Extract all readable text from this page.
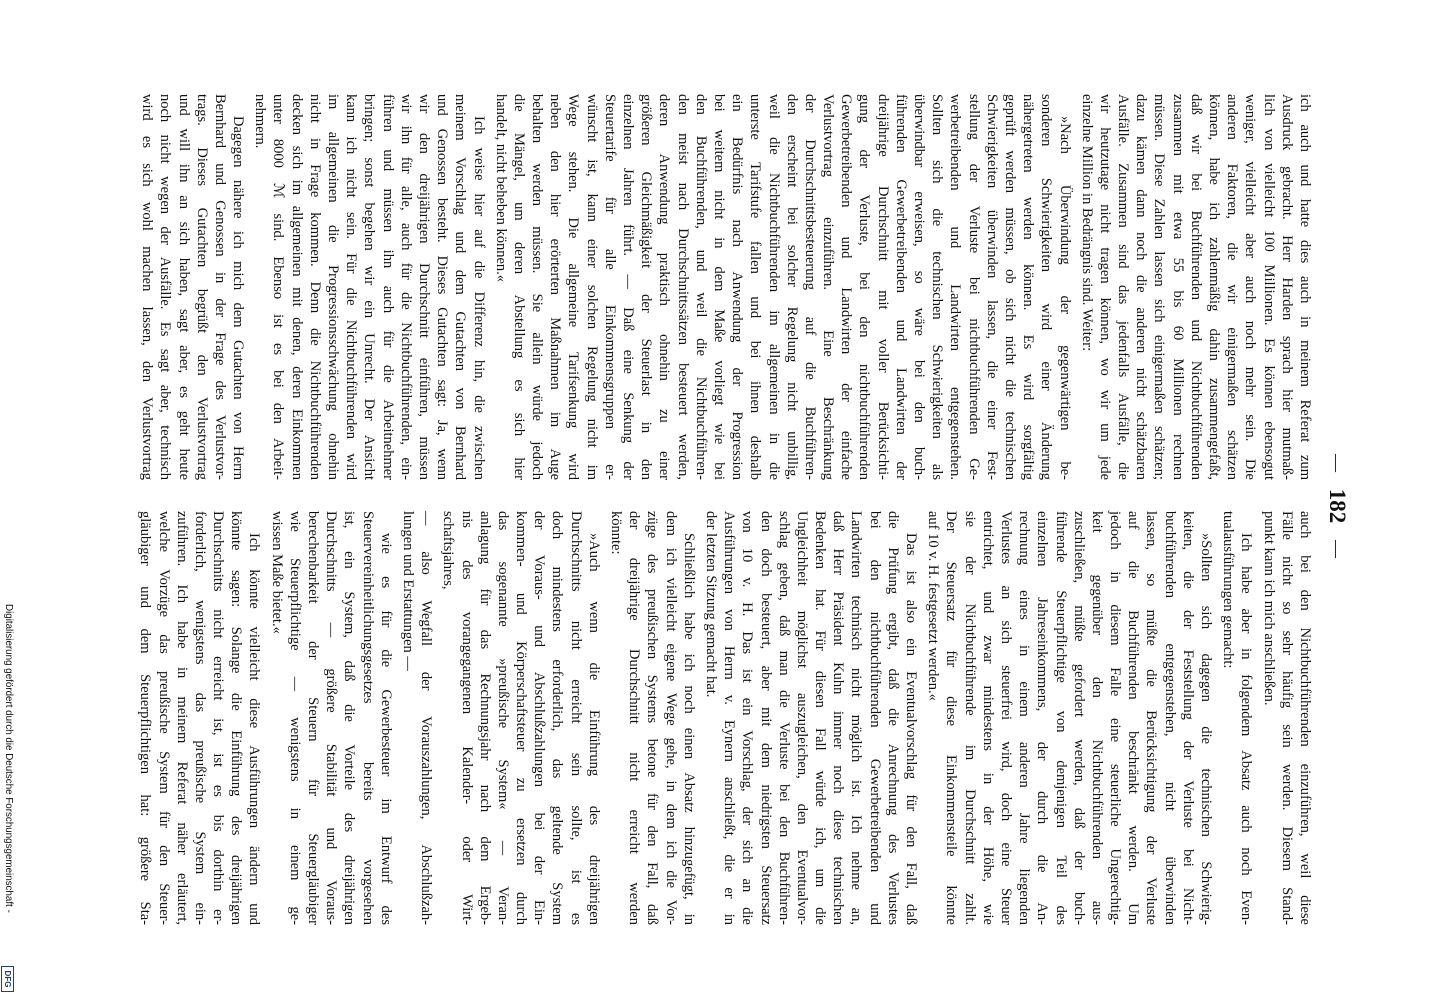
—
182
—

ich auch und hatte dies auch in meinem Referat zum
Ausdruck gebracht. Herr Harden sprach hier mutmaß-
lich von vielleicht 100 Millionen. Es können ebensogut
weniger, vielleicht aber auch noch mehr sein. Die
anderen Faktoren, die wir einigermaßen schätzen
können, habe ich zahlenmäßig dahin zusammengefaßt,
daß wir bei Buchführenden und Nichtbuchführenden
zusammen mit etwa 55 bis 60 Millionen rechnen
müssen. Diese Zahlen lassen sich einigermaßen schätzen;
dazu kämen dann noch die anderen nicht schätzbaren
Ausfälle. Zusammen sind das jedenfalls Ausfälle, die
wir heutzutage nicht tragen können, wo wir um jede
einzelne Million in Bedrängnis sind. Weiter:

»Nach Überwindung der gegenwärtigen be-
sonderen Schwierigkeiten wird einer Änderung
nähergetreten werden können. Es wird sorgfältig
geprüft werden müssen, ob sich nicht die technischen
Schwierigkeiten überwinden lassen, die einer Fest-
stellung der Verluste bei nichtbuchführenden Ge-
werbetreibenden und Landwirten entgegenstehen.
Sollten sich die technischen Schwierigkeiten als
überwindbar erweisen, so wäre bei den buch-
führenden Gewerbetreibenden und Landwirten der
dreijährige Durchschnitt mit voller Berücksichti-
gung der Verluste, bei den nichtbuchführenden
Gewerbetreibenden und Landwirten der einfache
Verlustvortrag einzuführen. Eine Beschränkung
der Durchschnittsbesteuerung auf die Buchführen-
den erscheint bei solcher Regelung nicht unbillig,
weil die Nichtbuchführenden im allgemeinen in die
unterste Tarifstufe fallen und bei ihnen deshalb
ein Bedürfnis nach Anwendung der Progression
bei weitem nicht in dem Maße vorliegt wie bei
den Buchführenden, und weil die Nichtbuchführen-
den meist nach Durchschnittssätzen besteuert werden,
deren Anwendung praktisch ohnehin zu einer
größeren Gleichmäßigkeit der Steuerlast in den
einzelnen Jahren führt. — Daß eine Senkung der
Steuertarife für alle Einkommensgruppen er-
wünscht ist, kann einer solchen Regelung nicht im
Wege stehen. Die allgemeine Tarifsenkung wird
neben den hier erörterten Maßnahmen im Auge
behalten werden müssen. Sie allein würde jedoch
die Mängel, um deren Abstellung es sich hier
handelt, nicht beheben können.«

Ich weise hier auf die Differenz hin, die zwischen
meinem Vorschlag und dem Gutachten von Bernhard
und Genossen besteht. Dieses Gutachten sagt: Ja, wenn
wir den dreijährigen Durchschnitt einführen, müssen
wir ihn für alle, auch für die Nichtbuchführenden, ein-
führen und müssen ihn auch für die Arbeitnehmer
bringen; sonst begehen wir ein Unrecht. Der Ansicht
kann ich nicht sein. Für die Nichtbuchführenden wird
im allgemeinen die Progressionsschwächung ohnehin
nicht in Frage kommen. Denn die Nichtbuchführenden
decken sich im allgemeinen mit denen, deren Einkommen
unter 8000 ℳ sind. Ebenso ist es bei den Arbeit-
nehmern.

Dagegen nähere ich mich dem Gutachten von Herrn
Bernhard und Genossen in der Frage des Verlustvor-
trags. Dieses Gutachten begrüßt den Verlustvortrag
und will ihn an sich haben, sagt aber, es geht heute
noch nicht wegen der Ausfälle. Es sagt aber, technisch
wird es sich wohl machen lassen, den Verlustvortrag

auch bei den Nichtbuchführenden einzuführen, weil diese
Fälle nicht so sehr häufig sein werden. Diesem Stand-
punkt kann ich mich anschließen.

Ich habe aber in folgendem Absatz auch noch Even-
tualausführungen gemacht:

»Sollten sich dagegen die technischen Schwierig-
keiten, die der Feststellung der Verluste bei Nicht-
buchführenden entgegenstehen, nicht überwinden
lassen, so müßte die Berücksichtigung der Verluste
auf die Buchführenden beschränkt werden. Um
jedoch in diesem Falle eine steuerliche Ungerechtig-
keit gegenüber den Nichtbuchführenden aus-
zuschließen, müßte gefordert werden, daß der buch-
führende Steuerpflichtige von demjenigen Teil des
einzelnen Jahreseinkommens, der durch die An-
rechnung eines in einem anderen Jahre liegenden
Verlustes an sich steuerfrei wird, doch eine Steuer
entrichtet, und zwar mindestens in der Höhe, wie
sie der Nichtbuchführende im Durchschnitt zahlt.
Der Steuersatz für diese Einkommensteile könnte
auf 10 v. H. festgesetzt werden.«

Das ist also ein Eventualvorschlag für den Fall, daß
die Prüfung ergibt, daß die Anrechnung des Verlustes
bei den nichtbuchführenden Gewerbetreibenden und
Landwirten technisch nicht möglich ist. Ich nehme an,
daß Herr Präsident Kuhn immer noch diese technischen
Bedenken hat. Für diesen Fall würde ich, um die
Ungleichheit möglichst auszugleichen, den Eventualvor-
schlag geben, daß man die Verluste bei den Buchführen-
den doch besteuert, aber mit dem niedrigsten Steuersatz
von 10 v. H. Das ist ein Vorschlag, der sich an die
Ausführungen von Herrn v. Eynern anschließt, die er in
der letzten Sitzung gemacht hat.

Schließlich habe ich noch einen Absatz hinzugefügt, in
dem ich vielleicht eigene Wege gehe, in dem ich die Vor-
züge des preußischen Systems betone für den Fall, daß
der dreijährige Durchschnitt nicht erreicht werden
könnte:

»Auch wenn die Einführung des dreijährigen
Durchschnitts nicht erreicht sein sollte, ist es
doch mindestens erforderlich, das geltende System
der Voraus- und Abschlußzahlungen bei der Ein-
kommen- und Körperschaftsteuer zu ersetzen durch
das sogenannte »preußische System« — Veran-
anlagung für das Rechnungsjahr nach dem Ergeb-
nis des vorangegangenen Kalender- oder Wirt-
schaftsjahres,

— also Wegfall der Vorauszahlungen, Abschlußzah-
lungen und Erstattungen —

wie es für die Gewerbesteuer im Entwurf des
Steuervereinheitlichungsgesetzes bereits vorgesehen
ist, ein System, daß die Vorteile des dreijährigen
Durchschnitts — größere Stabilität und Voraus-
berechenbarkeit der Steuern für Steuergläubiger
wie Steuerpflichtige — wenigstens in einem ge-
wissen Maße bietet.«

Ich könnte vielleicht diese Ausführungen ändern und
könnte sagen: Solange die Einführung des dreijährigen
Durchschnitts nicht erreicht ist, ist es bis dorthin er-
forderlich, wenigstens das preußische System ein-
zuführen. Ich habe in meinem Referat näher erläutert,
welche Vorzüge das preußische System für den Steuer-
gläubiger und dem Steuerpflichtigen hat: größere Sta-

Digitalisierung gefördert durch die Deutsche Forschungsgemeinschaft -
DFG
